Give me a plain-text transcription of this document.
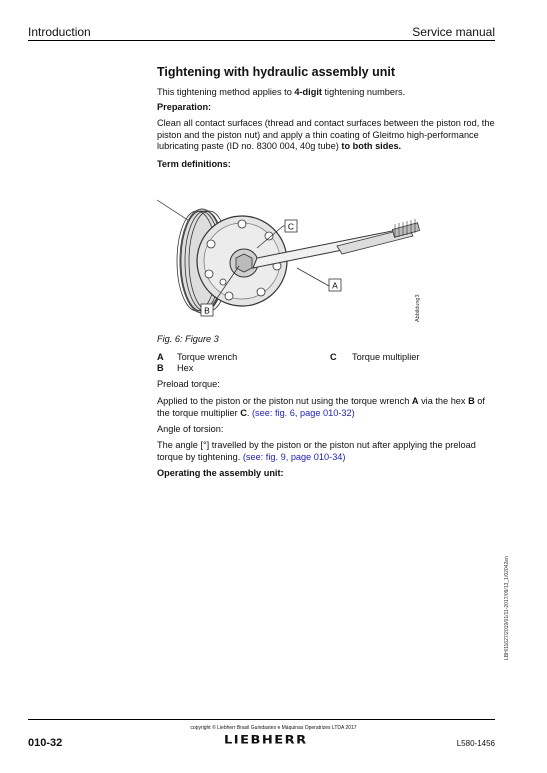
Introduction	Service manual
Tightening with hydraulic assembly unit
This tightening method applies to 4-digit tightening numbers.
Preparation:
Clean all contact surfaces (thread and contact surfaces between the piston rod, the piston and the piston nut) and apply a thin coating of Gleitmo high-performance lubricating paste (ID no. 8300 004, 40g tube) to both sides.
Term definitions:
C
A
B	Abbildung3
Fig. 6: Figure 3
A Torque wrench	C Torque multiplier
B Hex
Preload torque:
Applied to the piston or the piston nut using the torque wrench A via the hex B of the torque multiplier C. (see: fig. 6, page 010-32)
Angle of torsion:
The angle [°] travelled by the piston or the piston nut after applying the preload torque by tightening. (see: fig. 9, page 010-34)
Operating the assembly unit:
LBH/11627/2019/01/11-2017/09/13_1/02042en
copyright © Liebherr Brasil Guindastes e Máquinas Operatrizes LTDA 2017
010-32	LIEBHERR	L580-1456
